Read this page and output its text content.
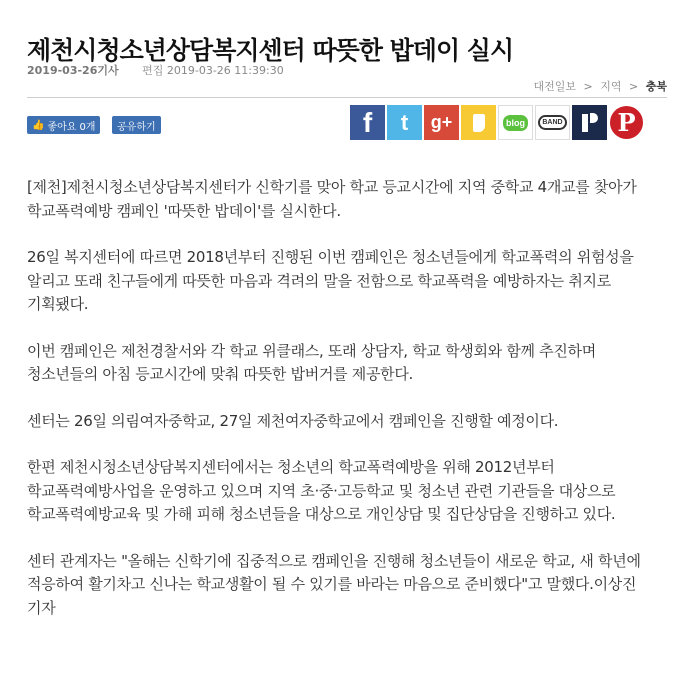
제천시청소년상담복지센터 따뜻한 밥데이 실시
2019-03-26기사 편집 2019-03-26 11:39:30
대전일보 > 지역 > 충북
👍 좋아요 0개 공유하기	f t g+	blog	BAND	P

[제천]제천시청소년상담복지센터가 신학기를 맞아 학교 등교시간에 지역 중학교 4개교를 찾아가 학교폭력예방 캠페인 '따뜻한 밥데이'를 실시한다.

26일 복지센터에 따르면 2018년부터 진행된 이번 캠페인은 청소년들에게 학교폭력의 위험성을 알리고 또래 친구들에게 따뜻한 마음과 격려의 말을 전함으로 학교폭력을 예방하자는 취지로 기획됐다.

이번 캠페인은 제천경찰서와 각 학교 위클래스, 또래 상담자, 학교 학생회와 함께 추진하며 청소년들의 아침 등교시간에 맞춰 따뜻한 밥버거를 제공한다.

센터는 26일 의림여자중학교, 27일 제천여자중학교에서 캠페인을 진행할 예정이다.

한편 제천시청소년상담복지센터에서는 청소년의 학교폭력예방을 위해 2012년부터 학교폭력예방사업을 운영하고 있으며 지역 초·중·고등학교 및 청소년 관련 기관들을 대상으로 학교폭력예방교육 및 가해 피해 청소년들을 대상으로 개인상담 및 집단상담을 진행하고 있다.

센터 관계자는 "올해는 신학기에 집중적으로 캠페인을 진행해 청소년들이 새로운 학교, 새 학년에 적응하여 활기차고 신나는 학교생활이 될 수 있기를 바라는 마음으로 준비했다"고 말했다.이상진 기자
